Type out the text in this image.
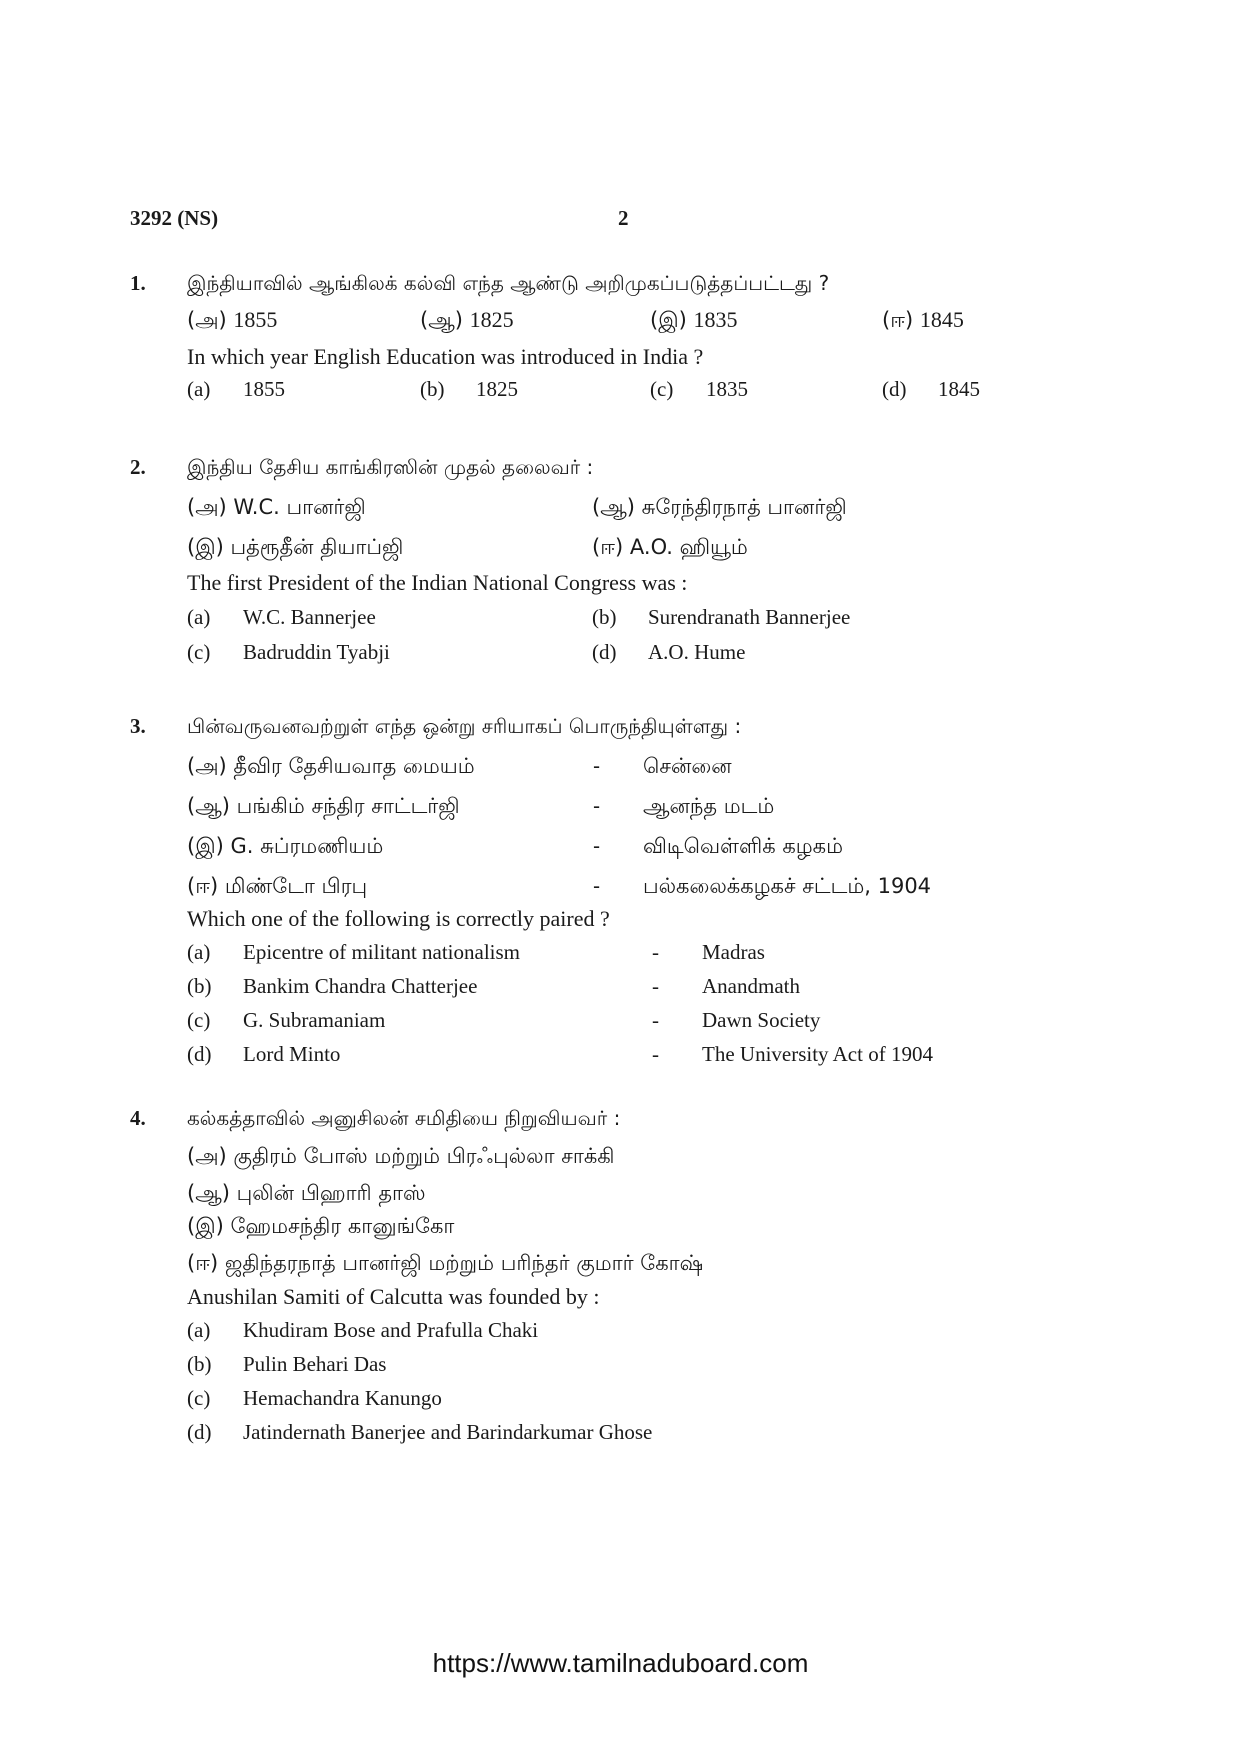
3292 (NS)	2
1. இந்தியாவில் ஆங்கிலக் கல்வி எந்த ஆண்டு அறிமுகப்படுத்தப்பட்டது ?
(அ) 1855	(ஆ) 1825	(இ) 1835	(ஈ) 1845
In which year English Education was introduced in India ?
(a) 1855	(b) 1825	(c) 1835	(d) 1845
2. இந்திய தேசிய காங்கிரஸின் முதல் தலைவர் :
(அ) W.C. பானர்ஜி	(ஆ) சுரேந்திரநாத் பானர்ஜி
(இ) பத்ரூதீன் தியாப்ஜி	(ஈ) A.O. ஹியூம்
The first President of the Indian National Congress was :
(a) W.C. Bannerjee	(b) Surendranath Bannerjee
(c) Badruddin Tyabji	(d) A.O. Hume
3. பின்வருவனவற்றுள் எந்த ஒன்று சரியாகப் பொருந்தியுள்ளது :
(அ) தீவிர தேசியவாத மையம்	- சென்னை
(ஆ) பங்கிம் சந்திர சாட்டர்ஜி	- ஆனந்த மடம்
(இ) G. சுப்ரமணியம்	- விடிவெள்ளிக் கழகம்
(ஈ) மிண்டோ பிரபு	- பல்கலைக்கழகச் சட்டம், 1904
Which one of the following is correctly paired ?
(a) Epicentre of militant nationalism	- Madras
(b) Bankim Chandra Chatterjee	- Anandmath
(c) G. Subramaniam	- Dawn Society
(d) Lord Minto	- The University Act of 1904
4. கல்கத்தாவில் அனுசிலன் சமிதியை நிறுவியவர் :
(அ) குதிரம் போஸ் மற்றும் பிரஃபுல்லா சாக்கி
(ஆ) புலின் பிஹாரி தாஸ்
(இ) ஹேமசந்திர கானுங்கோ
(ஈ) ஜதிந்தரநாத் பானர்ஜி மற்றும் பரிந்தர் குமார் கோஷ்
Anushilan Samiti of Calcutta was founded by :
(a) Khudiram Bose and Prafulla Chaki
(b) Pulin Behari Das
(c) Hemachandra Kanungo
(d) Jatindernath Banerjee and Barindarkumar Ghose
https://www.tamilnaduboard.com
